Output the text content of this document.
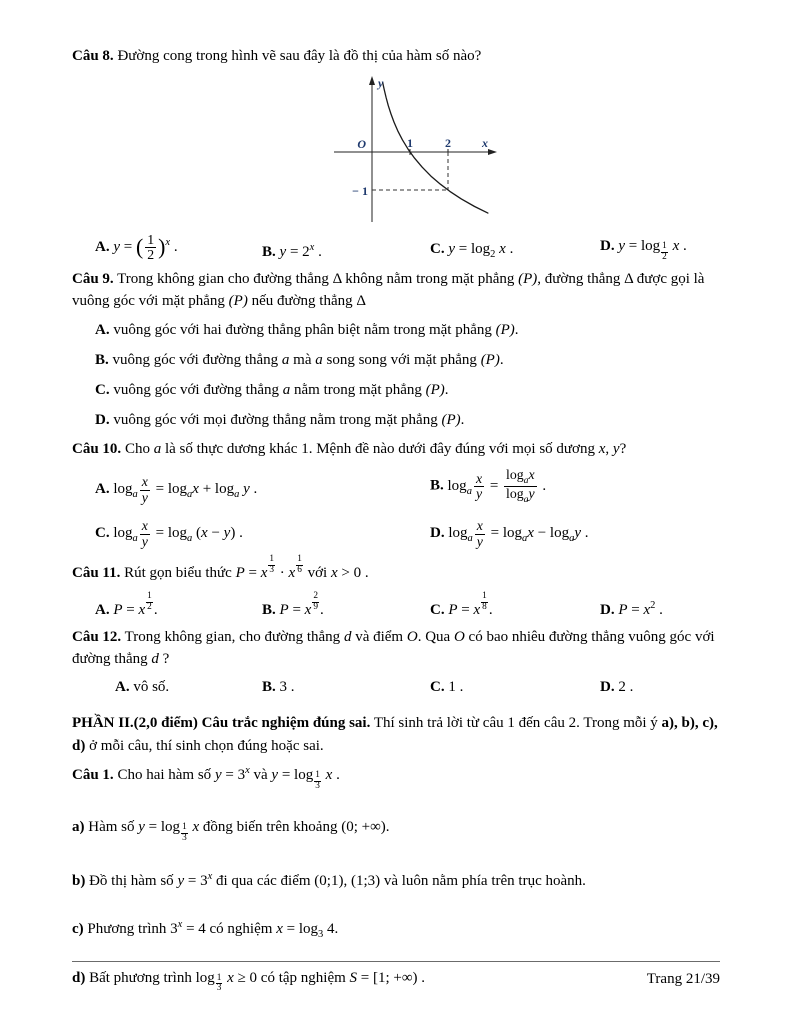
Câu 8. Đường cong trong hình vẽ sau đây là đồ thị của hàm số nào?
y
x
O	1	2
− 1
A. y = ( $\frac{1}{2} )^x$ .	B. $y = 2^x$ .	C. $y = \log_2 x$ .	D. $y = \log \frac{1}{2}$ x .
Câu 9. Trong không gian cho đường thẳng Δ không nằm trong mặt phẳng (P), đường thẳng Δ được gọi là vuông góc với mặt phẳng (P) nếu đường thẳng Δ
A. vuông góc với hai đường thẳng phân biệt nằm trong mặt phẳng (P).
B. vuông góc với đường thẳng a mà a song song với mặt phẳng (P).
C. vuông góc với đường thẳng a nằm trong mặt phẳng (P).
D. vuông góc với mọi đường thẳng nằm trong mặt phẳng (P).
Câu 10. Cho a là số thực dương khác 1. Mệnh đề nào dưới đây đúng với mọi số dương x, y?
A. $\log_a \frac{x}{y} = \log_ax + \log_a y$ .	B. $\log_a \frac{x}{y} = \frac{\log_ax}{\log_ay}$ .
C. $\log_a \frac{x}{y} = \log_a (x - y)$ .	D. $\log_a \frac{x}{y} = \log_ax - \log_ay$ .
Câu 11. Rút gọn biểu thức P = x $\frac{1}{3} \cdot x \frac{1}{6}$ với x > 0 .
A. P = x $\frac{1}{2}$ .	B. P = x $\frac{2}{9}$ .	C. P = x $\frac{1}{8}$ .	D. $P = x^2$ .
Câu 12. Trong không gian, cho đường thẳng d và điểm O. Qua O có bao nhiêu đường thẳng vuông góc với đường thẳng d ?
A. vô số.	B. 3 .	C. 1 .	D. 2 .
PHẦN II.(2,0 điểm) Câu trắc nghiệm đúng sai. Thí sinh trả lời từ câu 1 đến câu 2. Trong mỗi ý a), b), c), d) ở mỗi câu, thí sinh chọn đúng hoặc sai.
Câu 1. Cho hai hàm số $y = 3^x$ và $y = \log \frac{1}{3}$ x .
a) Hàm số $y = \log \frac{1}{3}$ x đồng biến trên khoảng (0; +∞).
b) Đồ thị hàm số $y = 3^x$ đi qua các điểm (0;1), (1;3) và luôn nằm phía trên trục hoành.
c) Phương trình $3^x = 4$ có nghiệm $x = \log_3 4$.
d) Bất phương trình $\log \frac{1}{3}$ x ≥ 0 có tập nghiệm S = [1; +∞) .	Trang 21/39
